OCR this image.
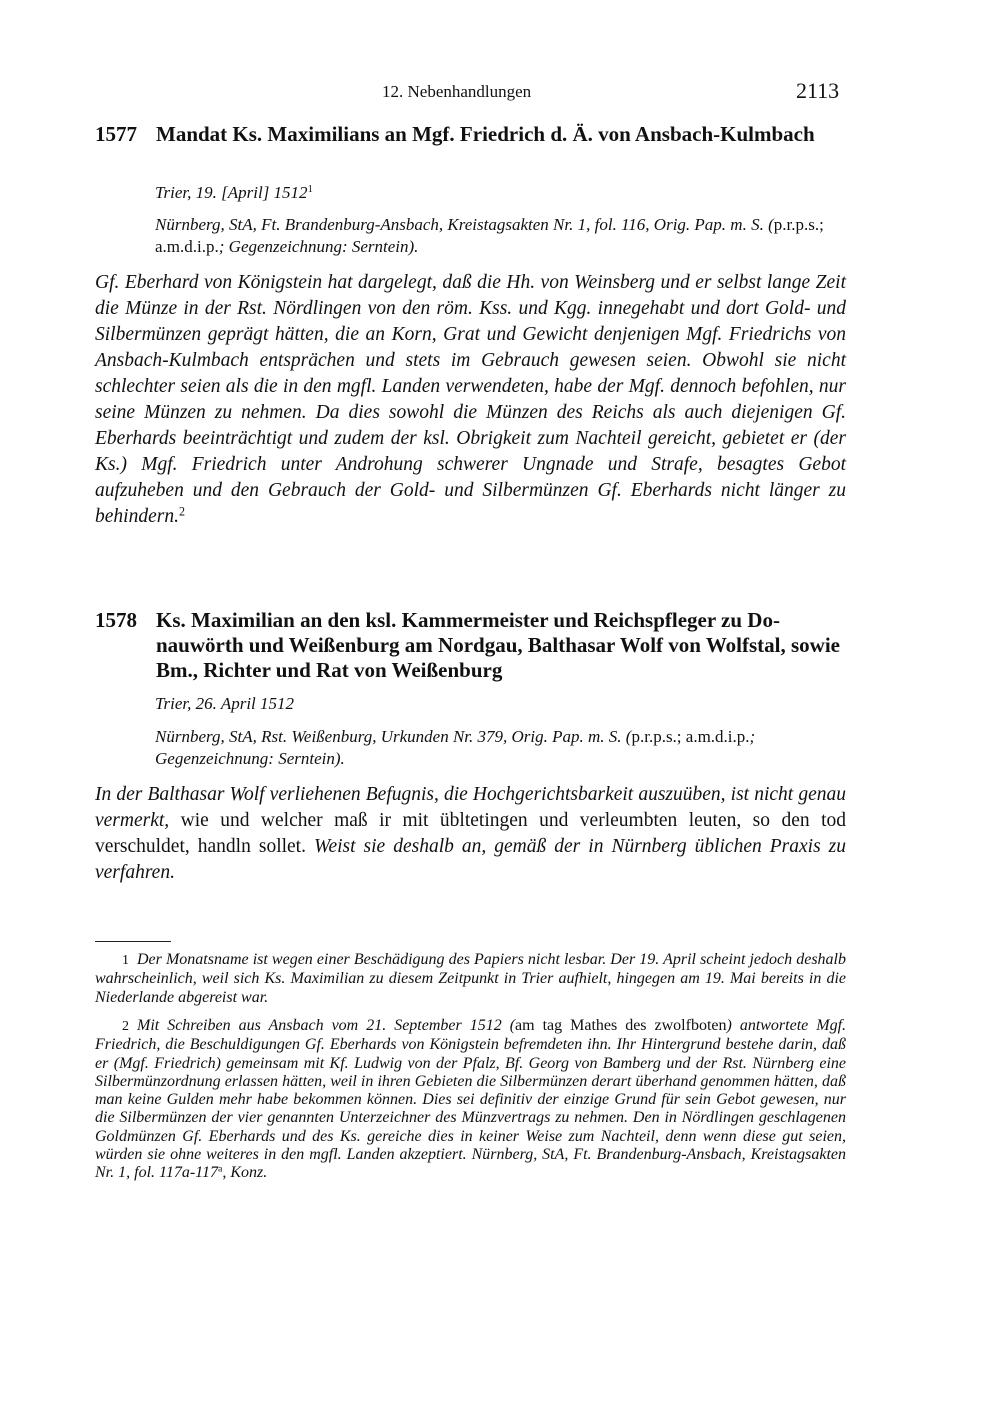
12. Nebenhandlungen	2113
1577 Mandat Ks. Maximilians an Mgf. Friedrich d. Ä. von Ansbach-Kulmbach
Trier, 19. [April] 1512$^1$
Nürnberg, StA, Ft. Brandenburg-Ansbach, Kreistagsakten Nr. 1, fol. 116, Orig. Pap. m. S. (p.r.p.s.; a.m.d.i.p.; Gegenzeichnung: Serntein).
Gf. Eberhard von Königstein hat dargelegt, daß die Hh. von Weinsberg und er selbst lange Zeit die Münze in der Rst. Nördlingen von den röm. Kss. und Kgg. innegehabt und dort Gold- und Silbermünzen geprägt hätten, die an Korn, Grat und Gewicht denjenigen Mgf. Friedrichs von Ansbach-Kulmbach entsprächen und stets im Gebrauch gewesen seien. Obwohl sie nicht schlechter seien als die in den mgfl. Landen verwendeten, habe der Mgf. dennoch befohlen, nur seine Münzen zu nehmen. Da dies sowohl die Münzen des Reichs als auch diejenigen Gf. Eberhards beeinträchtigt und zudem der ksl. Obrigkeit zum Nachteil gereicht, gebietet er (der Ks.) Mgf. Friedrich unter Androhung schwerer Ungnade und Strafe, besagtes Gebot aufzuheben und den Gebrauch der Gold- und Silbermünzen Gf. Eberhards nicht länger zu behindern.$^2$
1578 Ks. Maximilian an den ksl. Kammermeister und Reichspfleger zu Donauwörth und Weißenburg am Nordgau, Balthasar Wolf von Wolfstal, sowie Bm., Richter und Rat von Weißenburg
Trier, 26. April 1512
Nürnberg, StA, Rst. Weißenburg, Urkunden Nr. 379, Orig. Pap. m. S. (p.r.p.s.; a.m.d.i.p.; Gegenzeichnung: Serntein).
In der Balthasar Wolf verliehenen Befugnis, die Hochgerichtsbarkeit auszuüben, ist nicht genau vermerkt, wie und welcher maß ir mit übltetingen und verleumbten leuten, so den tod verschuldet, handln sollet. Weist sie deshalb an, gemäß der in Nürnberg üblichen Praxis zu verfahren.
1 Der Monatsname ist wegen einer Beschädigung des Papiers nicht lesbar. Der 19. April scheint jedoch deshalb wahrscheinlich, weil sich Ks. Maximilian zu diesem Zeitpunkt in Trier aufhielt, hingegen am 19. Mai bereits in die Niederlande abgereist war.
2 Mit Schreiben aus Ansbach vom 21. September 1512 (am tag Mathes des zwolfboten) antwortete Mgf. Friedrich, die Beschuldigungen Gf. Eberhards von Königstein befremdeten ihn. Ihr Hintergrund bestehe darin, daß er (Mgf. Friedrich) gemeinsam mit Kf. Ludwig von der Pfalz, Bf. Georg von Bamberg und der Rst. Nürnberg eine Silbermünzordnung erlassen hätten, weil in ihren Gebieten die Silbermünzen derart überhand genommen hätten, daß man keine Gulden mehr habe bekommen können. Dies sei definitiv der einzige Grund für sein Gebot gewesen, nur die Silbermünzen der vier genannten Unterzeichner des Münzvertrags zu nehmen. Den in Nördlingen geschlagenen Goldmünzen Gf. Eberhards und des Ks. gereiche dies in keiner Weise zum Nachteil, denn wenn diese gut seien, würden sie ohne weiteres in den mgfl. Landen akzeptiert. Nürnberg, StA, Ft. Brandenburg-Ansbach, Kreistagsakten Nr. 1, fol. 117a-117$^a$, Konz.
